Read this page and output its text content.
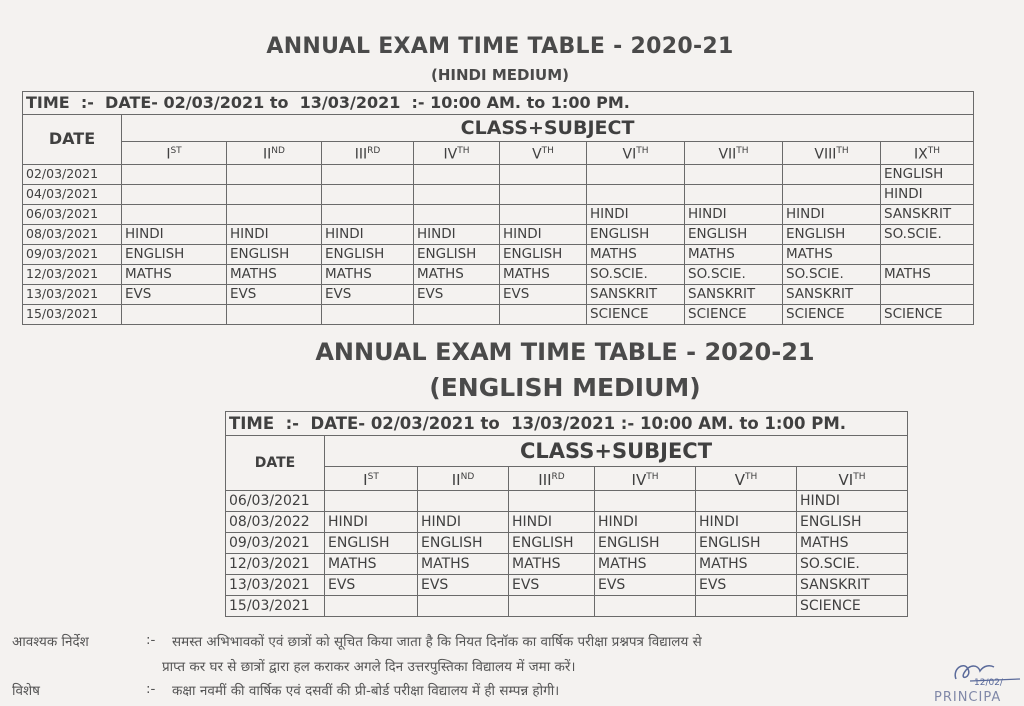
ANNUAL EXAM TIME TABLE - 2020-21
(HINDI MEDIUM)
TIME  :-  DATE- 02/03/2021 to  13/03/2021  :- 10:00 AM. to 1:00 PM.									
DATE	CLASS+SUBJECT								
	IST	IIND	IIIRD	IVTH	VTH	VITH	VIITH	VIIITH	IXTH
02/03/2021									ENGLISH
04/03/2021									HINDI
06/03/2021						HINDI	HINDI	HINDI	SANSKRIT
08/03/2021	HINDI	HINDI	HINDI	HINDI	HINDI	ENGLISH	ENGLISH	ENGLISH	SO.SCIE.
09/03/2021	ENGLISH	ENGLISH	ENGLISH	ENGLISH	ENGLISH	MATHS	MATHS	MATHS	
12/03/2021	MATHS	MATHS	MATHS	MATHS	MATHS	SO.SCIE.	SO.SCIE.	SO.SCIE.	MATHS
13/03/2021	EVS	EVS	EVS	EVS	EVS	SANSKRIT	SANSKRIT	SANSKRIT	
15/03/2021						SCIENCE	SCIENCE	SCIENCE	SCIENCE
ANNUAL EXAM TIME TABLE - 2020-21
(ENGLISH MEDIUM)
TIME  :-  DATE- 02/03/2021 to  13/03/2021 :- 10:00 AM. to 1:00 PM.						
DATE	CLASS+SUBJECT					
	IST	IIND	IIIRD	IVTH	VTH	VITH
06/03/2021						HINDI
08/03/2022	HINDI	HINDI	HINDI	HINDI	HINDI	ENGLISH
09/03/2021	ENGLISH	ENGLISH	ENGLISH	ENGLISH	ENGLISH	MATHS
12/03/2021	MATHS	MATHS	MATHS	MATHS	MATHS	SO.SCIE.
13/03/2021	EVS	EVS	EVS	EVS	EVS	SANSKRIT
15/03/2021						SCIENCE
आवश्यक निर्देश	:- समस्त अभिभावकों एवं छात्रों को सूचित किया जाता है कि नियत दिनॉक का वार्षिक परीक्षा प्रश्नपत्र विद्यालय से
प्राप्त कर घर से छात्रों द्वारा हल कराकर अगले दिन उत्तरपुस्तिका विद्यालय में जमा करें।
विशेष	:- कक्षा नवमीं की वार्षिक एवं दसवीं की प्री-बोर्ड परीक्षा विद्यालय में ही सम्पन्न होगी।	12/02/
PRINCIPA
